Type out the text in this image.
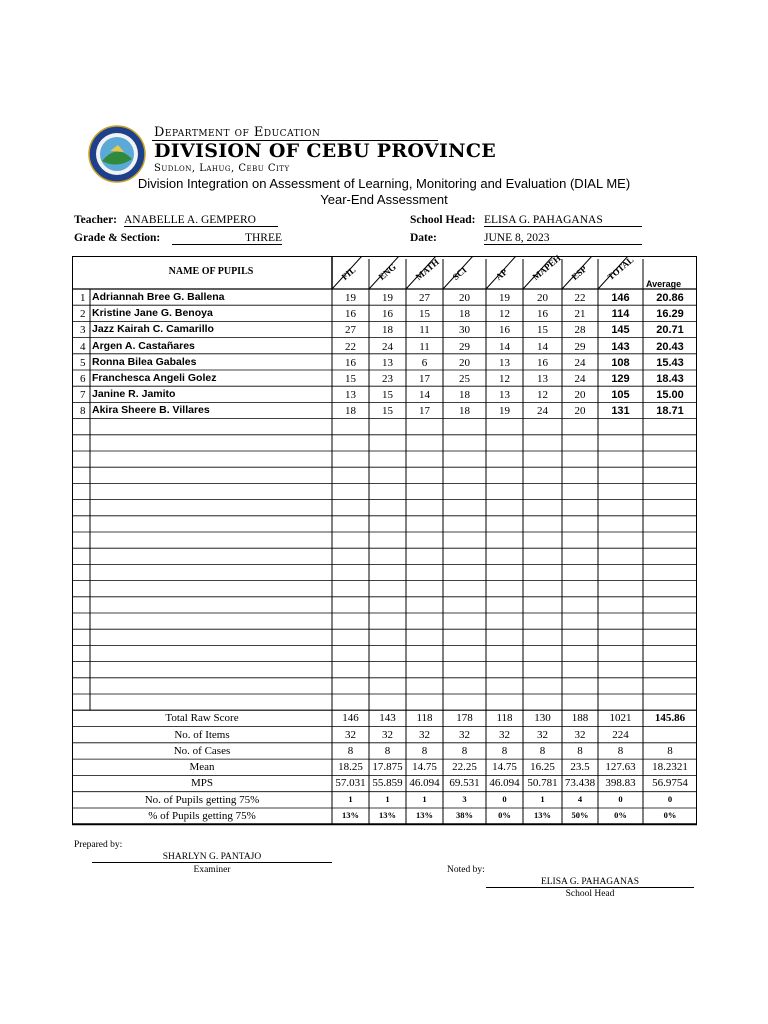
Department of Education
DIVISION OF CEBU PROVINCE
Sudlon, Lahug, Cebu City
Division Integration on Assessment of Learning, Monitoring and Evaluation (DIAL ME)
Year-End Assessment
Teacher: ANABELLE A. GEMPERO
Grade & Section:	THREE
School Head: ELISA G. PAHAGANAS
Date:	JUNE 8, 2023
NAME OF PUPILS	FIL ENG MATH SCI	AP MAPEH ESP TOTAL
Average
1 Adriannah Bree G. Ballena	19	19	27	20	19	20	22	146	20.86
2 Kristine Jane G. Benoya	16	16	15	18	12	16	21	114	16.29
3 Jazz Kairah C. Camarillo	27	18	11	30	16	15	28	145	20.71
4 Argen A. Castañares	22	24	11	29	14	14	29	143	20.43
5 Ronna Bilea Gabales	16	13	6	20	13	16	24	108	15.43
6 Franchesca Angeli Golez	15	23	17	25	12	13	24	129	18.43
7 Janine R. Jamito	13	15	14	18	13	12	20	105	15.00
8 Akira Sheere B. Villares	18	15	17	18	19	24	20	131	18.71
Total Raw Score	146	143	118	178	118	130	188	1021	145.86
No. of Items	32	32	32	32	32	32	32	224
No. of Cases	8	8	8	8	8	8	8	8	8
Mean	18.25 17.875 14.75	22.25	14.75	16.25	23.5	127.63	18.2321
MPS	57.031 55.859 46.094 69.531 46.094 50.781 73.438 398.83	56.9754
No. of Pupils getting 75%	1	1	1	3	0	1	4	0	0
% of Pupils getting 75%	13%	13%	13%	38%	0%	13%	50%	0%	0%
Prepared by:
SHARLYN G. PANTAJO
Examiner	Noted by:
ELISA G. PAHAGANAS
School Head
